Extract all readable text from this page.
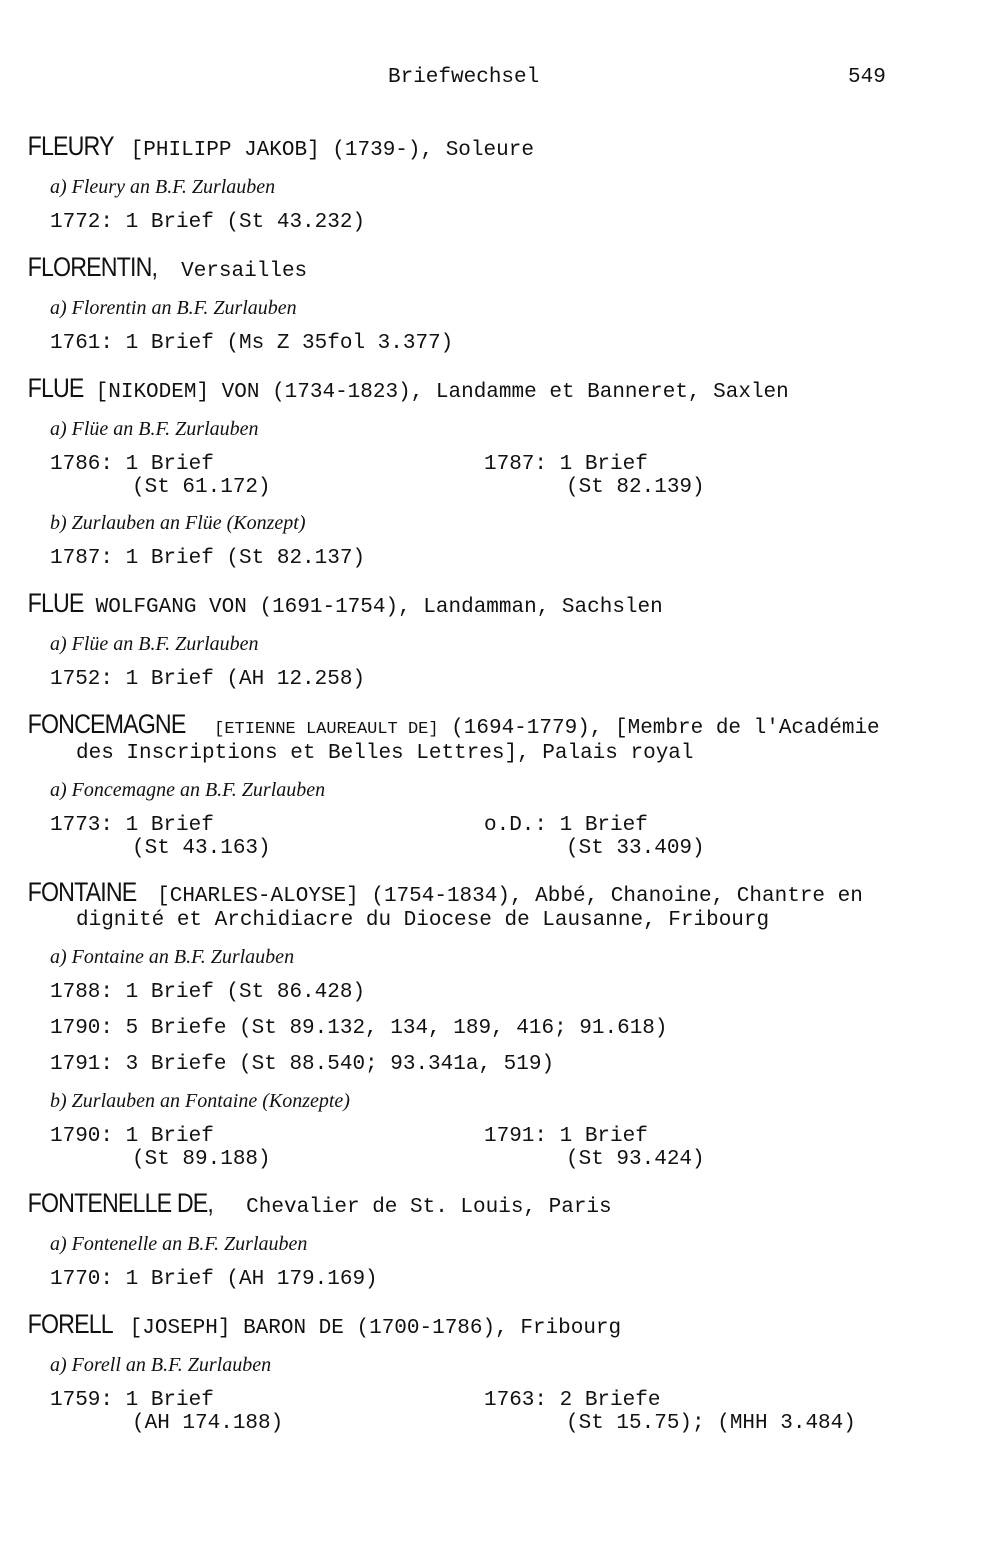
Briefwechsel	549
FLEURY [PHILIPP JAKOB] (1739-), Soleure
a) Fleury an B.F. Zurlauben
1772: 1 Brief (St 43.232)
FLORENTIN, Versailles
a) Florentin an B.F. Zurlauben
1761: 1 Brief (Ms Z 35fol 3.377)
FLUE [NIKODEM] VON (1734-1823), Landamme et Banneret, Saxlen
a) Flüe an B.F. Zurlauben
1786: 1 Brief
(St 61.172)
1787: 1 Brief
(St 82.139)
b) Zurlauben an Flüe (Konzept)
1787: 1 Brief (St 82.137)
FLUE WOLFGANG VON (1691-1754), Landamman, Sachslen
a) Flüe an B.F. Zurlauben
1752: 1 Brief (AH 12.258)
FONCEMAGNE [ETIENNE LAUREAULT DE] (1694-1779), [Membre de l'Académie des Inscriptions et Belles Lettres], Palais royal
a) Foncemagne an B.F. Zurlauben
1773: 1 Brief
(St 43.163)
o.D.: 1 Brief
(St 33.409)
FONTAINE [CHARLES-ALOYSE] (1754-1834), Abbé, Chanoine, Chantre en dignité et Archidiacre du Diocese de Lausanne, Fribourg
a) Fontaine an B.F. Zurlauben
1788: 1 Brief (St 86.428)
1790: 5 Briefe (St 89.132, 134, 189, 416; 91.618)
1791: 3 Briefe (St 88.540; 93.341a, 519)
b) Zurlauben an Fontaine (Konzepte)
1790: 1 Brief
(St 89.188)
1791: 1 Brief
(St 93.424)
FONTENELLE DE, Chevalier de St. Louis, Paris
a) Fontenelle an B.F. Zurlauben
1770: 1 Brief (AH 179.169)
FORELL [JOSEPH] BARON DE (1700-1786), Fribourg
a) Forell an B.F. Zurlauben
1759: 1 Brief
(AH 174.188)
1763: 2 Briefe
(St 15.75); (MHH 3.484)
